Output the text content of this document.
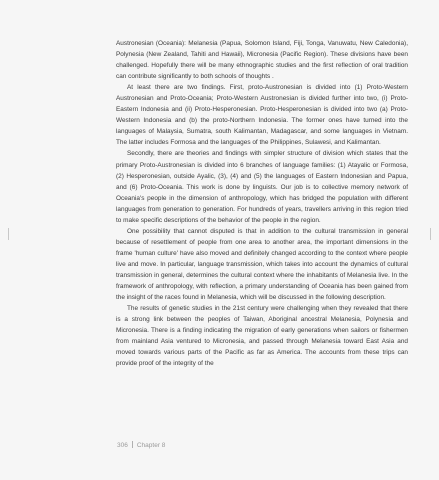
Austronesian (Oceania): Melanesia (Papua, Solomon Island, Fiji, Tonga, Vanuwatu, New Caledonia), Polynesia (New Zealand, Tahiti and Hawaii), Micronesia (Pacific Region). These divisions have been challenged. Hopefully there will be many ethnographic studies and the first reflection of oral tradition can contribute significantly to both schools of thoughts .

At least there are two findings. First, proto-Austronesian is divided into (1) Proto-Western Austronesian and Proto-Oceania; Proto-Western Austronesian is divided further into two, (i) Proto-Eastern Indonesia and (ii) Proto-Hesperonesian. Proto-Hesperonesian is divided into two (a) Proto-Western Indonesia and (b) the proto-Northern Indonesia. The former ones have turned into the languages of Malaysia, Sumatra, south Kalimantan, Madagascar, and some languages in Vietnam. The latter includes Formosa and the languages of the Philippines, Sulawesi, and Kalimantan.

Secondly, there are theories and findings with simpler structure of division which states that the primary Proto-Austronesian is divided into 6 branches of language families: (1) Atayalic or Formosa, (2) Hesperonesian, outside Ayalic, (3), (4) and (5) the languages of Eastern Indonesian and Papua, and (6) Proto-Oceania. This work is done by linguists. Our job is to collective memory network of Oceania's people in the dimension of anthropology, which has bridged the population with different languages from generation to generation. For hundreds of years, travellers arriving in this region tried to make specific descriptions of the behavior of the people in the region.

One possibility that cannot disputed is that in addition to the cultural transmission in general because of resettlement of people from one area to another area, the important dimensions in the frame 'human culture' have also moved and definitely changed according to the context where people live and move. In particular, language transmission, which takes into account the dynamics of cultural transmission in general, determines the cultural context where the inhabitants of Melanesia live. In the framework of anthropology, with reflection, a primary understanding of Oceania has been gained from the insight of the races found in Melanesia, which will be discussed in the following description.

The results of genetic studies in the 21st century were challenging when they revealed that there is a strong link between the peoples of Taiwan, Aboriginal ancestral Melanesia, Polynesia and Micronesia. There is a finding indicating the migration of early generations when sailors or fishermen from mainland Asia ventured to Micronesia, and passed through Melanesia toward East Asia and moved towards various parts of the Pacific as far as America. The accounts from these trips can provide proof of the integrity of the

306 Chapter 8
